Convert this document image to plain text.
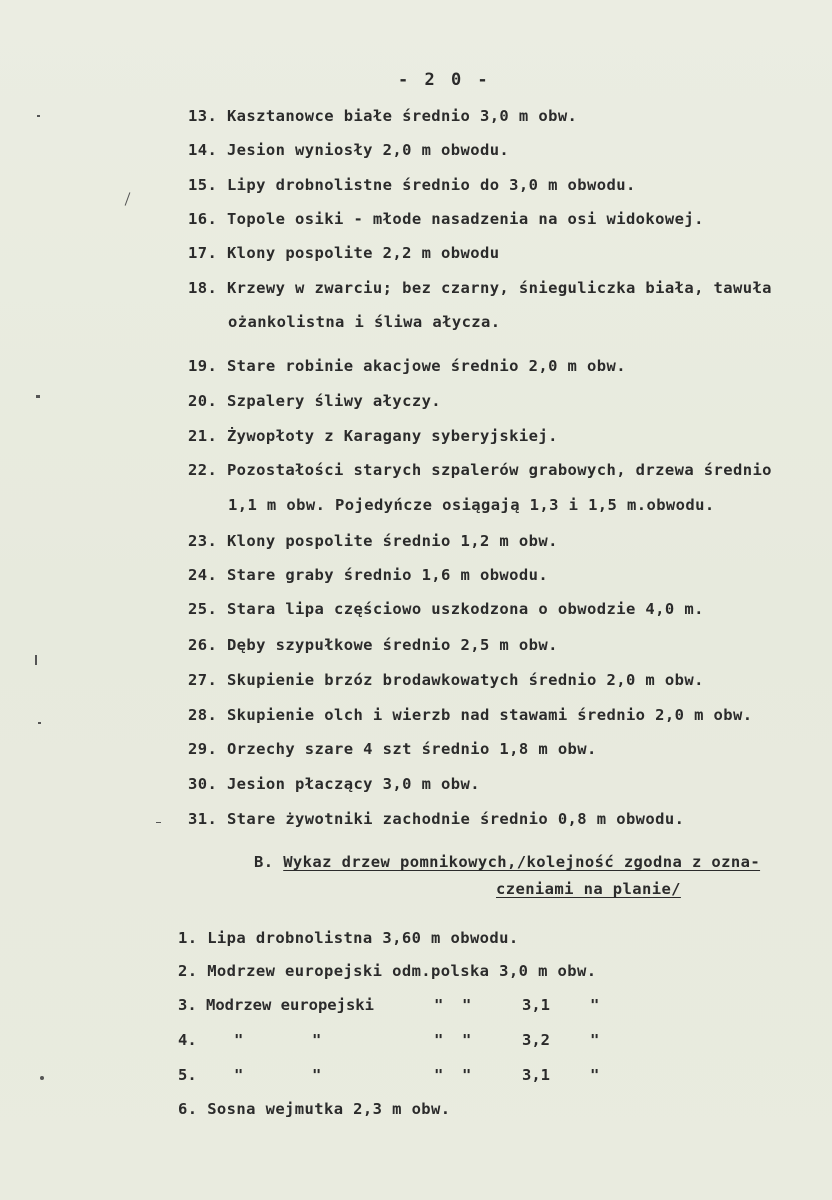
- 2 0 -
13. Kasztanowce białe średnio 3,0 m obw.
14. Jesion wyniosły 2,0 m obwodu.
15. Lipy drobnolistne średnio do 3,0 m obwodu.
16. Topole osiki - młode nasadzenia na osi widokowej.
17. Klony pospolite 2,2 m obwodu
18. Krzewy w zwarciu; bez czarny, śnieguliczka biała, tawuła
ożankolistna i śliwa ałycza.
19. Stare robinie akacjowe średnio 2,0 m obw.
20. Szpalery śliwy ałyczy.
21. Żywopłoty z Karagany syberyjskiej.
22. Pozostałości starych szpalerów grabowych, drzewa średnio
1,1 m obw. Pojedyńcze osiągają 1,3 i 1,5 m.obwodu.
23. Klony pospolite średnio 1,2 m obw.
24. Stare graby średnio 1,6 m obwodu.
25. Stara lipa częściowo uszkodzona o obwodzie 4,0 m.
26. Dęby szypułkowe średnio 2,5 m obw.
27. Skupienie brzóz brodawkowatych średnio 2,0 m obw.
28. Skupienie olch i wierzb nad stawami średnio 2,0 m obw.
29. Orzechy szare 4 szt średnio 1,8 m obw.
30. Jesion płaczący 3,0 m obw.
31. Stare żywotniki zachodnie średnio 0,8 m obwodu.
B. Wykaz drzew pomnikowych,/kolejność zgodna z ozna-
czeniami na planie/
1. Lipa drobnolistna 3,60 m obwodu.
2. Modrzew europejski odm.polska 3,0 m obw.
3. Modrzew europejski	" "	3,1	"
4. "	"	" "	3,2	"
5. "	"	" "	3,1	"
6. Sosna wejmutka 2,3 m obw.
